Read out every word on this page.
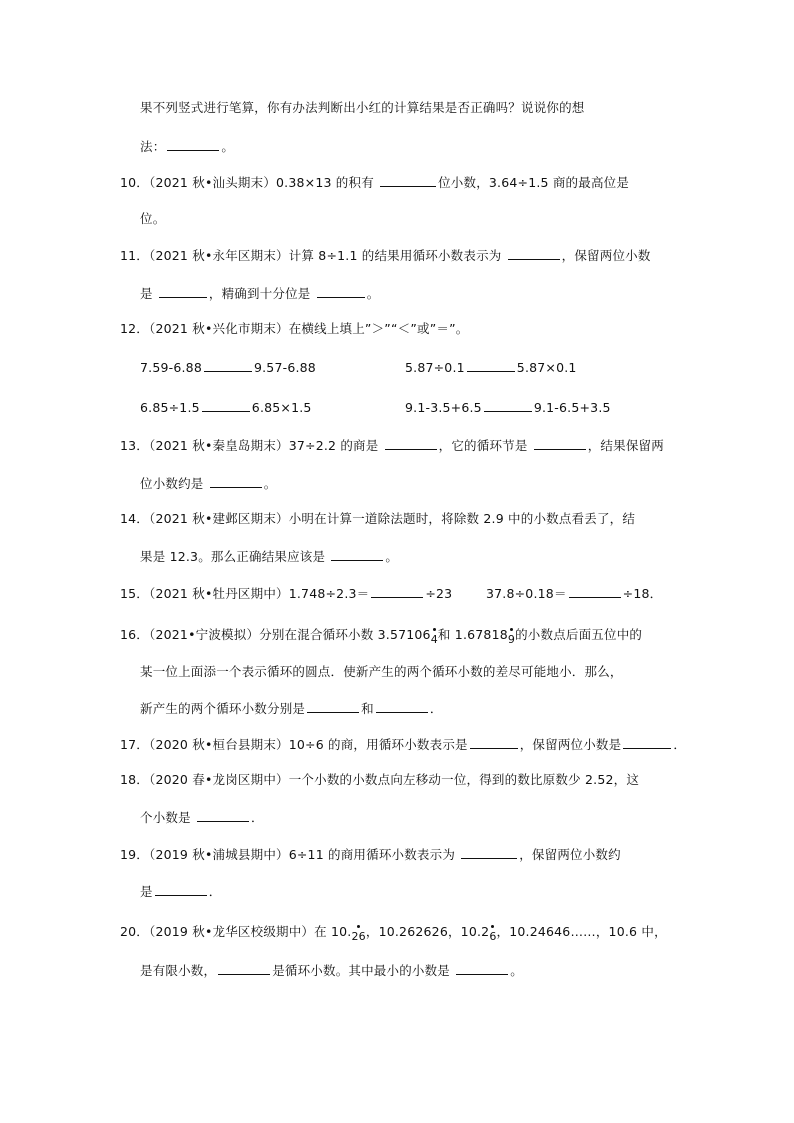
果不列竖式进行笔算，你有办法判断出小红的计算结果是否正确吗？说说你的想
法：	。
10．（2021 秋•汕头期末）0.38×13 的积有	位小数，3.64÷1.5 商的最高位是
位。
11．（2021 秋•永年区期末）计算 8÷1.1 的结果用循环小数表示为	，保留两位小数
是	，精确到十分位是	。
12．（2021 秋•兴化市期末）在横线上填上”＞”“＜”或”＝”。
7.59-6.88	9.57-6.88	5.87÷0.1	5.87×0.1
6.85÷1.5	6.85×1.5	9.1-3.5+6.5	9.1-6.5+3.5
13．（2021 秋•秦皇岛期末）37÷2.2 的商是	，它的循环节是	，结果保留两
位小数约是	。
14．（2021 秋•建邺区期末）小明在计算一道除法题时，将除数 2.9 中的小数点看丢了，结
果是 12.3。那么正确结果应该是	。
15．（2021 秋•牡丹区期中）1.748÷2.3＝	÷23	37.8÷0.18＝	÷18．
16．（2021•宁波模拟）分别在混合循环小数 3.571064和 1.678189的小数点后面五位中的
某一位上面添一个表示循环的圆点．使新产生的两个循环小数的差尽可能地小．那么，
新产生的两个循环小数分别是	和	．
17．（2020 秋•桓台县期末）10÷6 的商，用循环小数表示是	，保留两位小数是	．
18．（2020 春•龙岗区期中）一个小数的小数点向左移动一位，得到的数比原数少 2.52，这
个小数是	．
19．（2019 秋•浦城县期中）6÷11 的商用循环小数表示为	，保留两位小数约
是	．
20．（2019 秋•龙华区校级期中）在 10.26，10.262626，10.26，10.24646……，10.6 中，
是有限小数，	是循环小数。其中最小的小数是	。
